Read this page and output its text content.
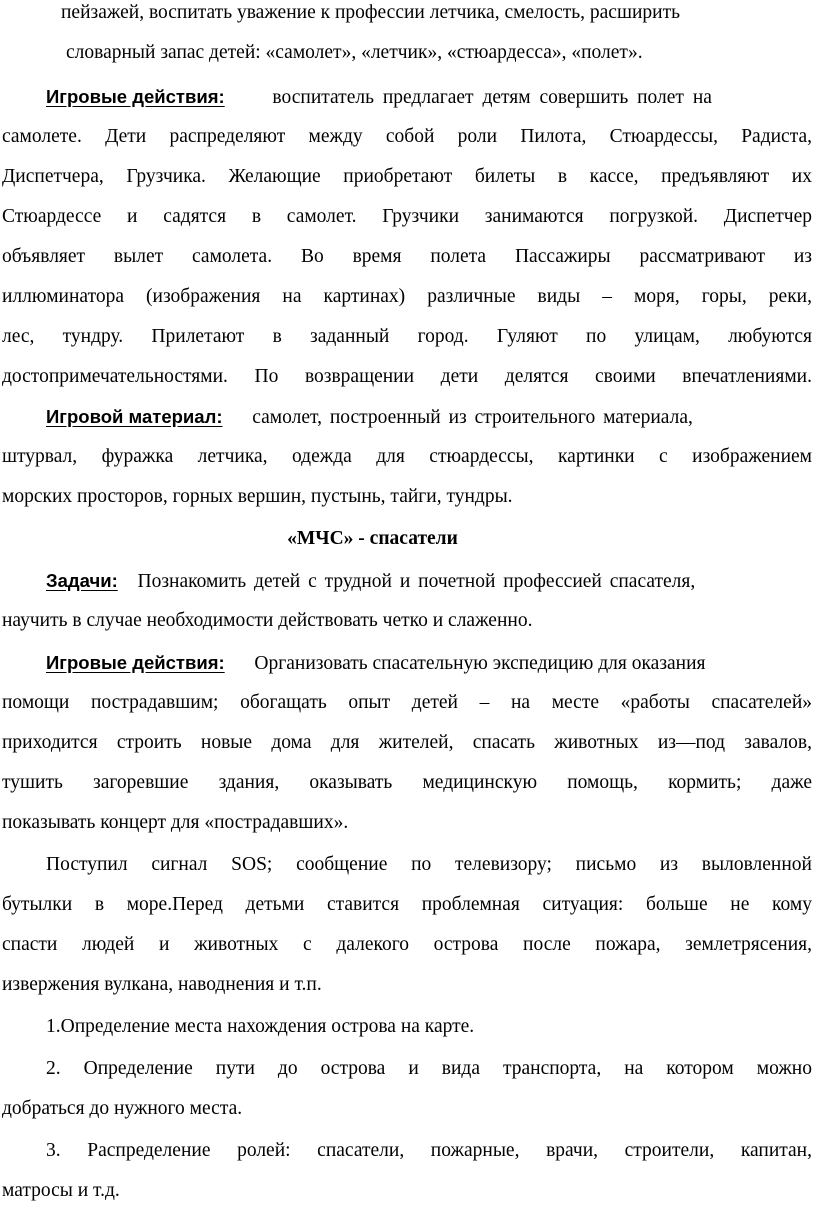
пейзажей, воспитать уважение к профессии летчика, смелость, расширить
словарный запас детей: «самолет», «летчик», «стюардесса», «полет».
Игровые действия: воспитатель предлагает детям совершить полет на
самолете. Дети распределяют между собой роли Пилота, Стюардессы, Радиста,
Диспетчера, Грузчика. Желающие приобретают билеты в кассе, предъявляют их
Стюардессе и садятся в самолет. Грузчики занимаются погрузкой. Диспетчер
объявляет вылет самолета. Во время полета Пассажиры рассматривают из
иллюминатора (изображения на картинах) различные виды – моря, горы, реки,
лес, тундру. Прилетают в заданный город. Гуляют по улицам, любуются
достопримечательностями. По возвращении дети делятся своими впечатлениями.
Игровой материал: самолет, построенный из строительного материала,
штурвал, фуражка летчика, одежда для стюардессы, картинки с изображением
морских просторов, горных вершин, пустынь, тайги, тундры.
«МЧС» - спасатели
Задачи: Познакомить детей с трудной и почетной профессией спасателя,
научить в случае необходимости действовать четко и слаженно.
Игровые действия: Организовать спасательную экспедицию для оказания
помощи пострадавшим; обогащать опыт детей – на месте «работы спасателей»
приходится строить новые дома для жителей, спасать животных из—под завалов,
тушить загоревшие здания, оказывать медицинскую помощь, кормить; даже
показывать концерт для «пострадавших».
Поступил сигнал SOS; сообщение по телевизору; письмо из выловленной
бутылки в море.Перед детьми ставится проблемная ситуация: больше не кому
спасти людей и животных с далекого острова после пожара, землетрясения,
извержения вулкана, наводнения и т.п.
1.Определение места нахождения острова на карте.
2. Определение пути до острова и вида транспорта, на котором можно
добраться до нужного места.
3. Распределение ролей: спасатели, пожарные, врачи, строители, капитан,
матросы и т.д.
